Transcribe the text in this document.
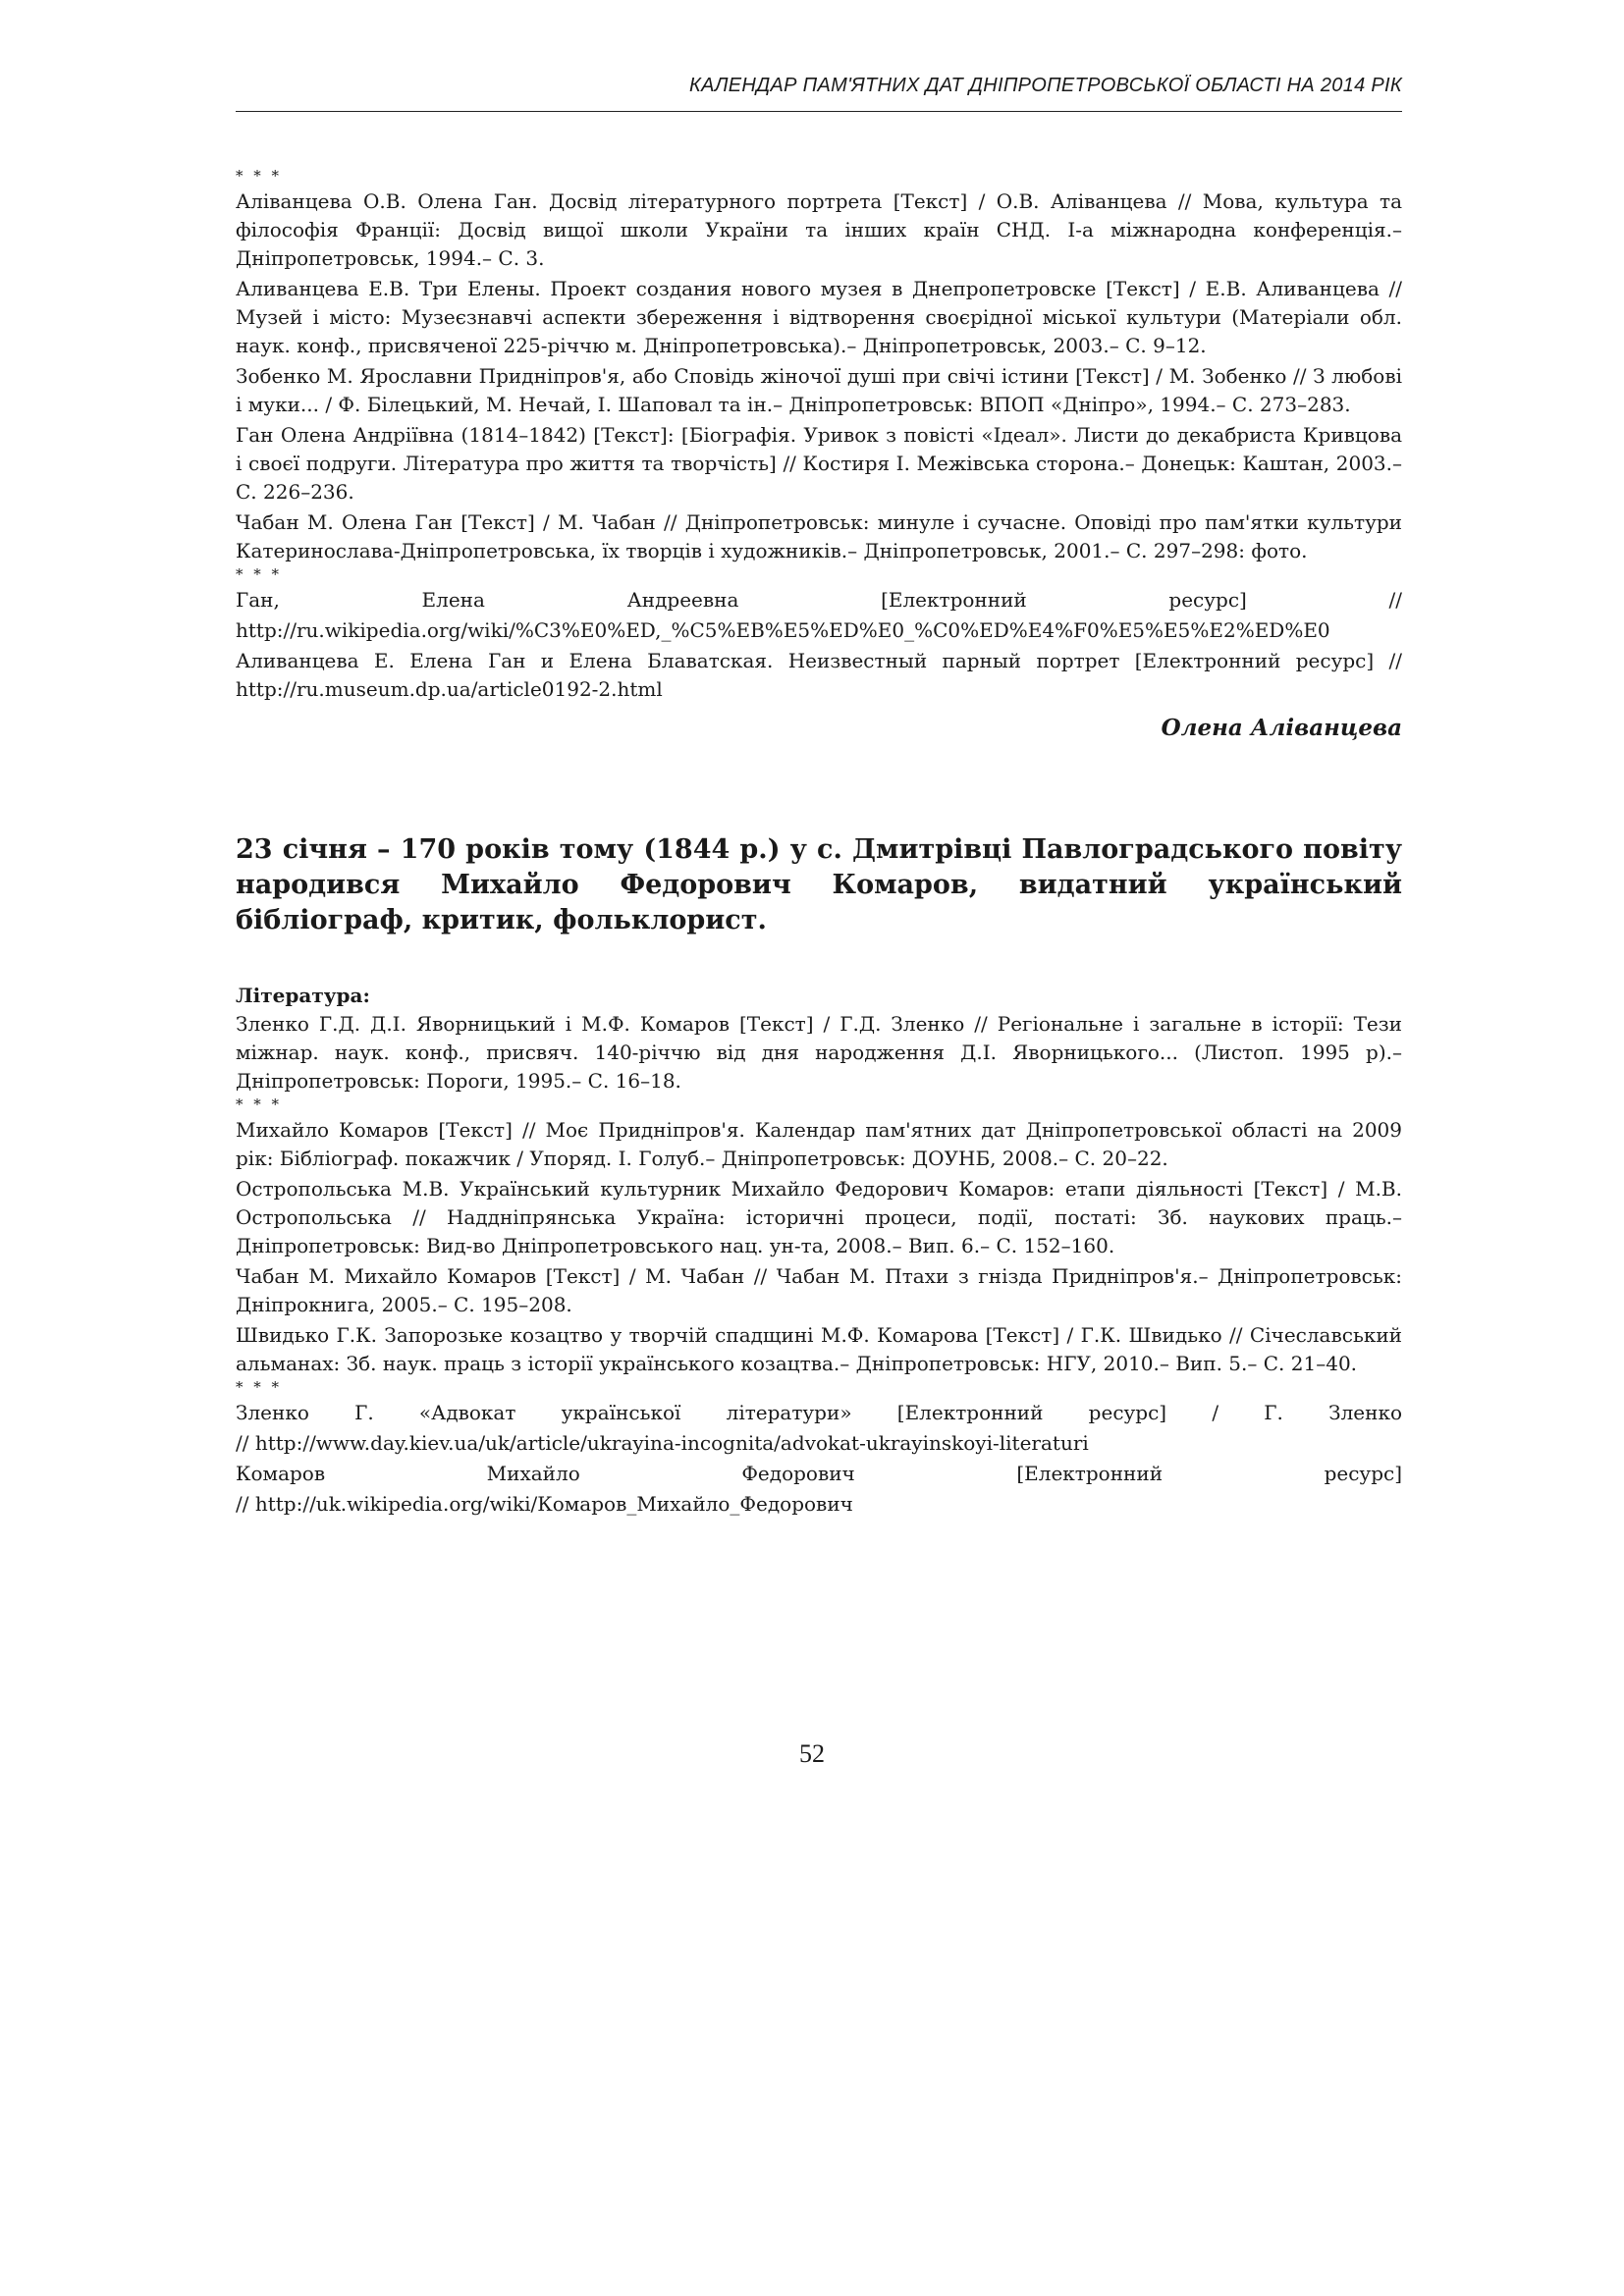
КАЛЕНДАР ПАМ'ЯТНИХ ДАТ ДНІПРОПЕТРОВСЬКОЇ ОБЛАСТІ НА 2014 РІК
* * *

Аліванцева О.В. Олена Ган. Досвід літературного портрета [Текст] / О.В. Аліванцева // Мова, культура та філософія Франції: Досвід вищої школи України та інших країн СНД. І-а міжнародна конференція.– Дніпропетровськ, 1994.– С. 3.

Аливанцева Е.В. Три Елены. Проект создания нового музея в Днепропетровске [Текст] / Е.В. Аливанцева // Музей і місто: Музеєзнавчі аспекти збереження і відтворення своєрідної міської культури (Матеріали обл. наук. конф., присвяченої 225-річчю м. Дніпропетровська).– Дніпропетровськ, 2003.– С. 9–12.

Зобенко М. Ярославни Придніпров'я, або Сповідь жіночої душі при свічі істини [Текст] / М. Зобенко // З любові і муки... / Ф. Білецький, М. Нечай, І. Шаповал та ін.– Дніпропетровськ: ВПОП «Дніпро», 1994.– С. 273–283.

Ган Олена Андріївна (1814–1842) [Текст]: [Біографія. Уривок з повісті «Ідеал». Листи до декабриста Кривцова і своєї подруги. Література про життя та творчість] // Костиря І. Межівська сторона.– Донецьк: Каштан, 2003.– С. 226–236.

Чабан М. Олена Ган [Текст] / М. Чабан // Дніпропетровськ: минуле і сучасне. Оповіді про пам'ятки культури Катеринослава-Дніпропетровська, їх творців і художників.– Дніпропетровськ, 2001.– С. 297–298: фото.

* * *

Ган, Елена Андреевна [Електронний ресурс] //
http://ru.wikipedia.org/wiki/%C3%E0%ED,_%C5%EB%E5%ED%E0_%C0%ED%E4%F0%E5%E5%E2%ED%E0

Аливанцева Е. Елена Ган и Елена Блаватская. Неизвестный парный портрет [Електронний ресурс] // http://ru.museum.dp.ua/article0192-2.html

Олена Аліванцева

23 січня – 170 років тому (1844 р.) у с. Дмитрівці Павлоградського повіту народився Михайло Федорович Комаров, видатний український бібліограф, критик, фольклорист.

Література:

Зленко Г.Д. Д.І. Яворницький і М.Ф. Комаров [Текст] / Г.Д. Зленко // Регіональне і загальне в історії: Тези міжнар. наук. конф., присвяч. 140-річчю від дня народження Д.І. Яворницького... (Листоп. 1995 р).– Дніпропетровськ: Пороги, 1995.– С. 16–18.

* * *

Михайло Комаров [Текст] // Моє Придніпров'я. Календар пам'ятних дат Дніпропетровської області на 2009 рік: Бібліограф. покажчик / Упоряд. І. Голуб.– Дніпропетровськ: ДОУНБ, 2008.– С. 20–22.

Остропольська М.В. Український культурник Михайло Федорович Комаров: етапи діяльності [Текст] / М.В. Остропольська // Наддніпрянська Україна: історичні процеси, події, постаті: Зб. наукових праць.– Дніпропетровськ: Вид-во Дніпропетровського нац. ун-та, 2008.– Вип. 6.– С. 152–160.

Чабан М. Михайло Комаров [Текст] / М. Чабан // Чабан М. Птахи з гнізда Придніпров'я.– Дніпропетровськ: Дніпрокнига, 2005.– С. 195–208.

Швидько Г.К. Запорозьке козацтво у творчій спадщині М.Ф. Комарова [Текст] / Г.К. Швидько // Січеславський альманах: Зб. наук. праць з історії українського козацтва.– Дніпропетровськ: НГУ, 2010.– Вип. 5.– С. 21–40.

* * *

Зленко Г. «Адвокат української літератури» [Електронний ресурс] / Г. Зленко
// http://www.day.kiev.ua/uk/article/ukrayina-incognita/advokat-ukrayinskoyi-literaturi

Комаров Михайло Федорович [Електронний ресурс]
// http://uk.wikipedia.org/wiki/Комаров_Михайло_Федорович

52
